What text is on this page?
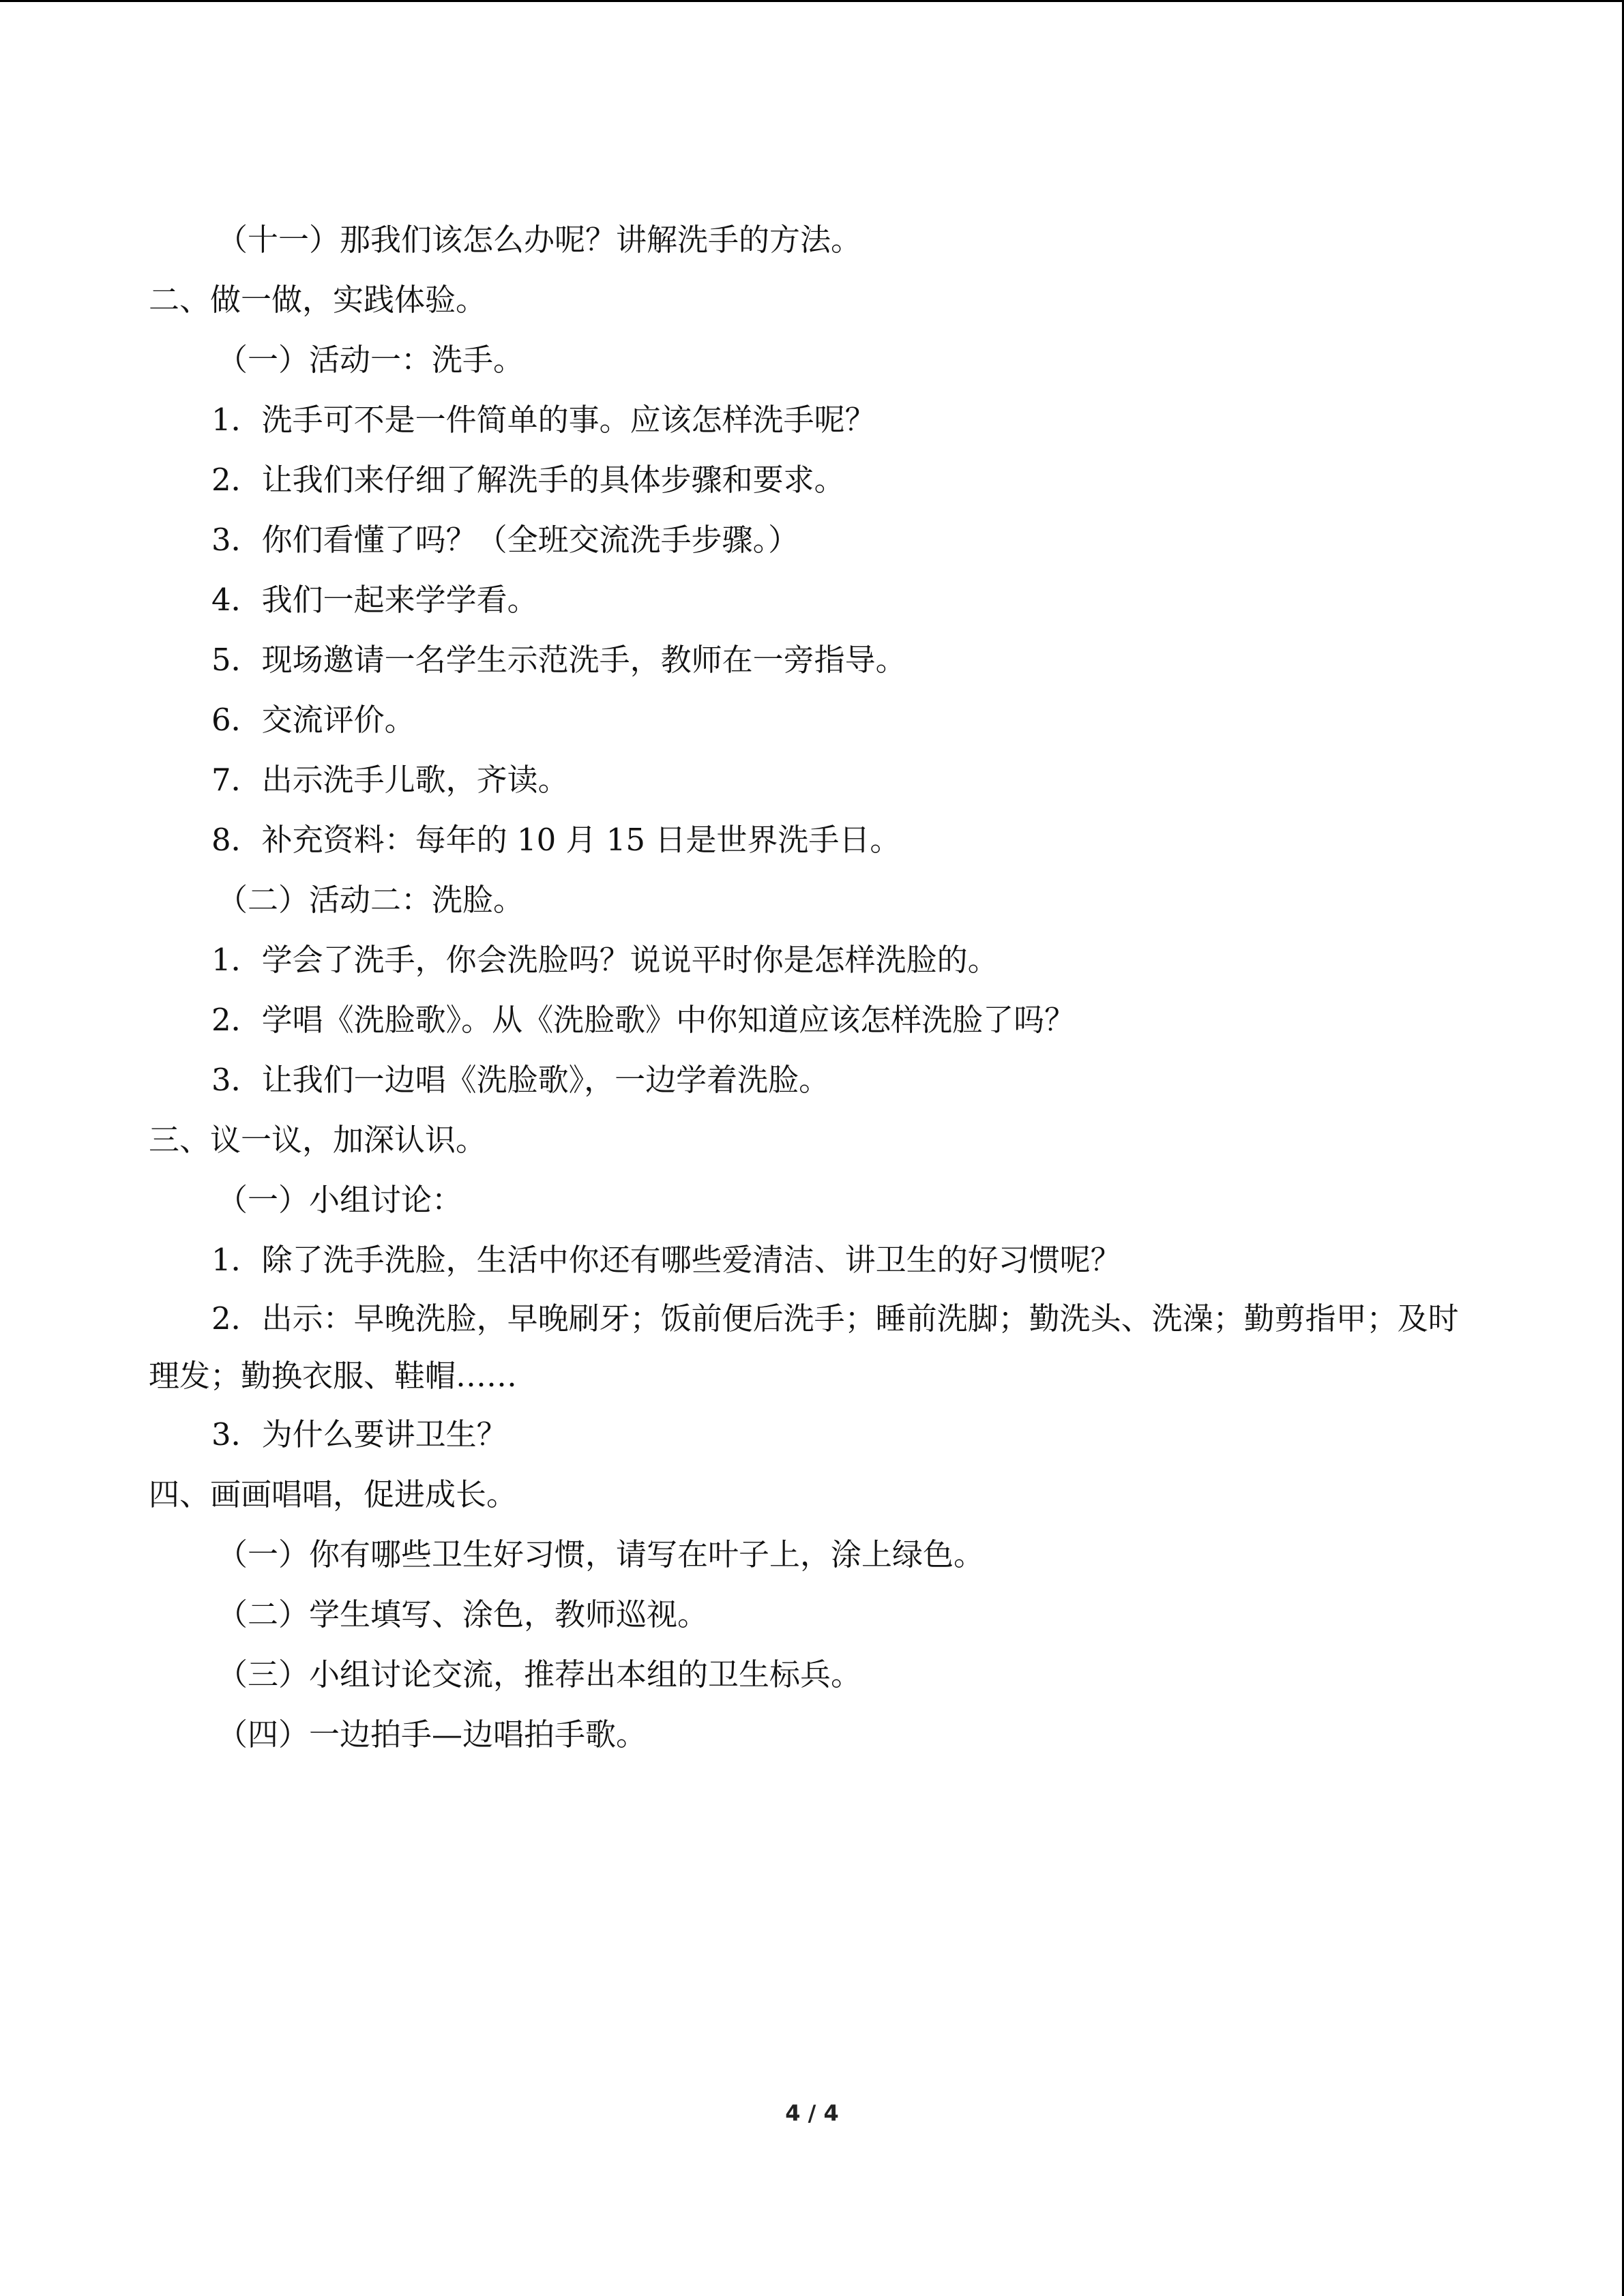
（十一）那我们该怎么办呢？讲解洗手的方法。
二、做一做，实践体验。
（一）活动一：洗手。
1．洗手可不是一件简单的事。应该怎样洗手呢？
2．让我们来仔细了解洗手的具体步骤和要求。
3．你们看懂了吗？（全班交流洗手步骤。）
4．我们一起来学学看。
5．现场邀请一名学生示范洗手，教师在一旁指导。
6．交流评价。
7．出示洗手儿歌，齐读。
8．补充资料：每年的 10 月 15 日是世界洗手日。
（二）活动二：洗脸。
1．学会了洗手，你会洗脸吗？说说平时你是怎样洗脸的。
2．学唱《洗脸歌》。从《洗脸歌》中你知道应该怎样洗脸了吗？
3．让我们一边唱《洗脸歌》，一边学着洗脸。
三、议一议，加深认识。
（一）小组讨论：
1．除了洗手洗脸，生活中你还有哪些爱清洁、讲卫生的好习惯呢？
2．出示：早晚洗脸，早晚刷牙；饭前便后洗手；睡前洗脚；勤洗头、洗澡；勤剪指甲；及时理发；勤换衣服、鞋帽……
3．为什么要讲卫生？
四、画画唱唱，促进成长。
（一）你有哪些卫生好习惯，请写在叶子上，涂上绿色。
（二）学生填写、涂色，教师巡视。
（三）小组讨论交流，推荐出本组的卫生标兵。
（四）一边拍手—边唱拍手歌。
4 / 4
